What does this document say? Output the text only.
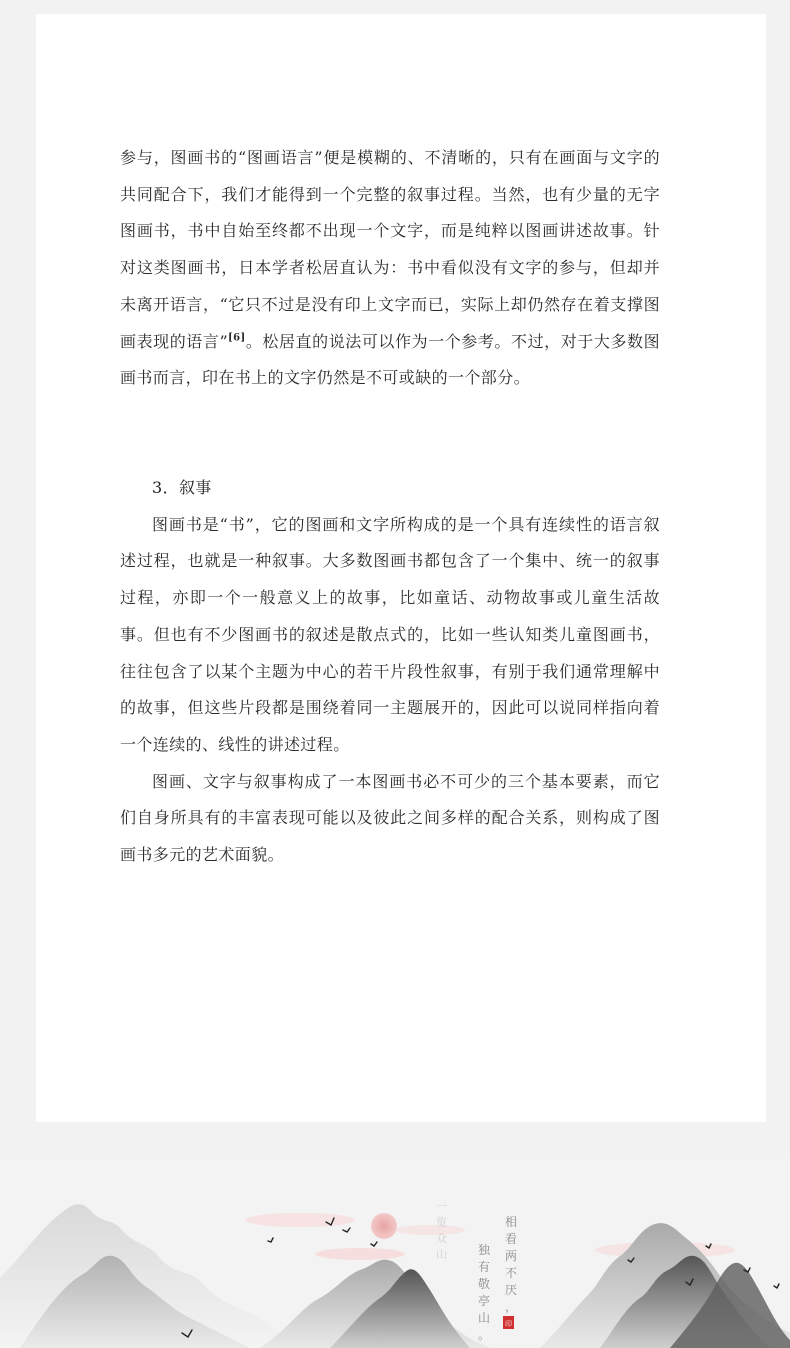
参与，图画书的“图画语言”便是模糊的、不清晰的，只有在画面与文字的共同配合下，我们才能得到一个完整的叙事过程。当然，也有少量的无字图画书，书中自始至终都不出现一个文字，而是纯粹以图画讲述故事。针对这类图画书，日本学者松居直认为：书中看似没有文字的参与，但却并未离开语言，“它只不过是没有印上文字而已，实际上却仍然存在着支撑图画表现的语言”[6]。松居直的说法可以作为一个参考。不过，对于大多数图画书而言，印在书上的文字仍然是不可或缺的一个部分。

3．叙事

图画书是“书”，它的图画和文字所构成的是一个具有连续性的语言叙述过程，也就是一种叙事。大多数图画书都包含了一个集中、统一的叙事过程，亦即一个一般意义上的故事，比如童话、动物故事或儿童生活故事。但也有不少图画书的叙述是散点式的，比如一些认知类儿童图画书，往往包含了以某个主题为中心的若干片段性叙事，有别于我们通常理解中的故事，但这些片段都是围绕着同一主题展开的，因此可以说同样指向着一个连续的、线性的讲述过程。

图画、文字与叙事构成了一本图画书必不可少的三个基本要素，而它们自身所具有的丰富表现可能以及彼此之间多样的配合关系，则构成了图画书多元的艺术面貌。

一 览 众 山
相 看 两 不 厌 ，
独 有 敬 亭 山 。
印
